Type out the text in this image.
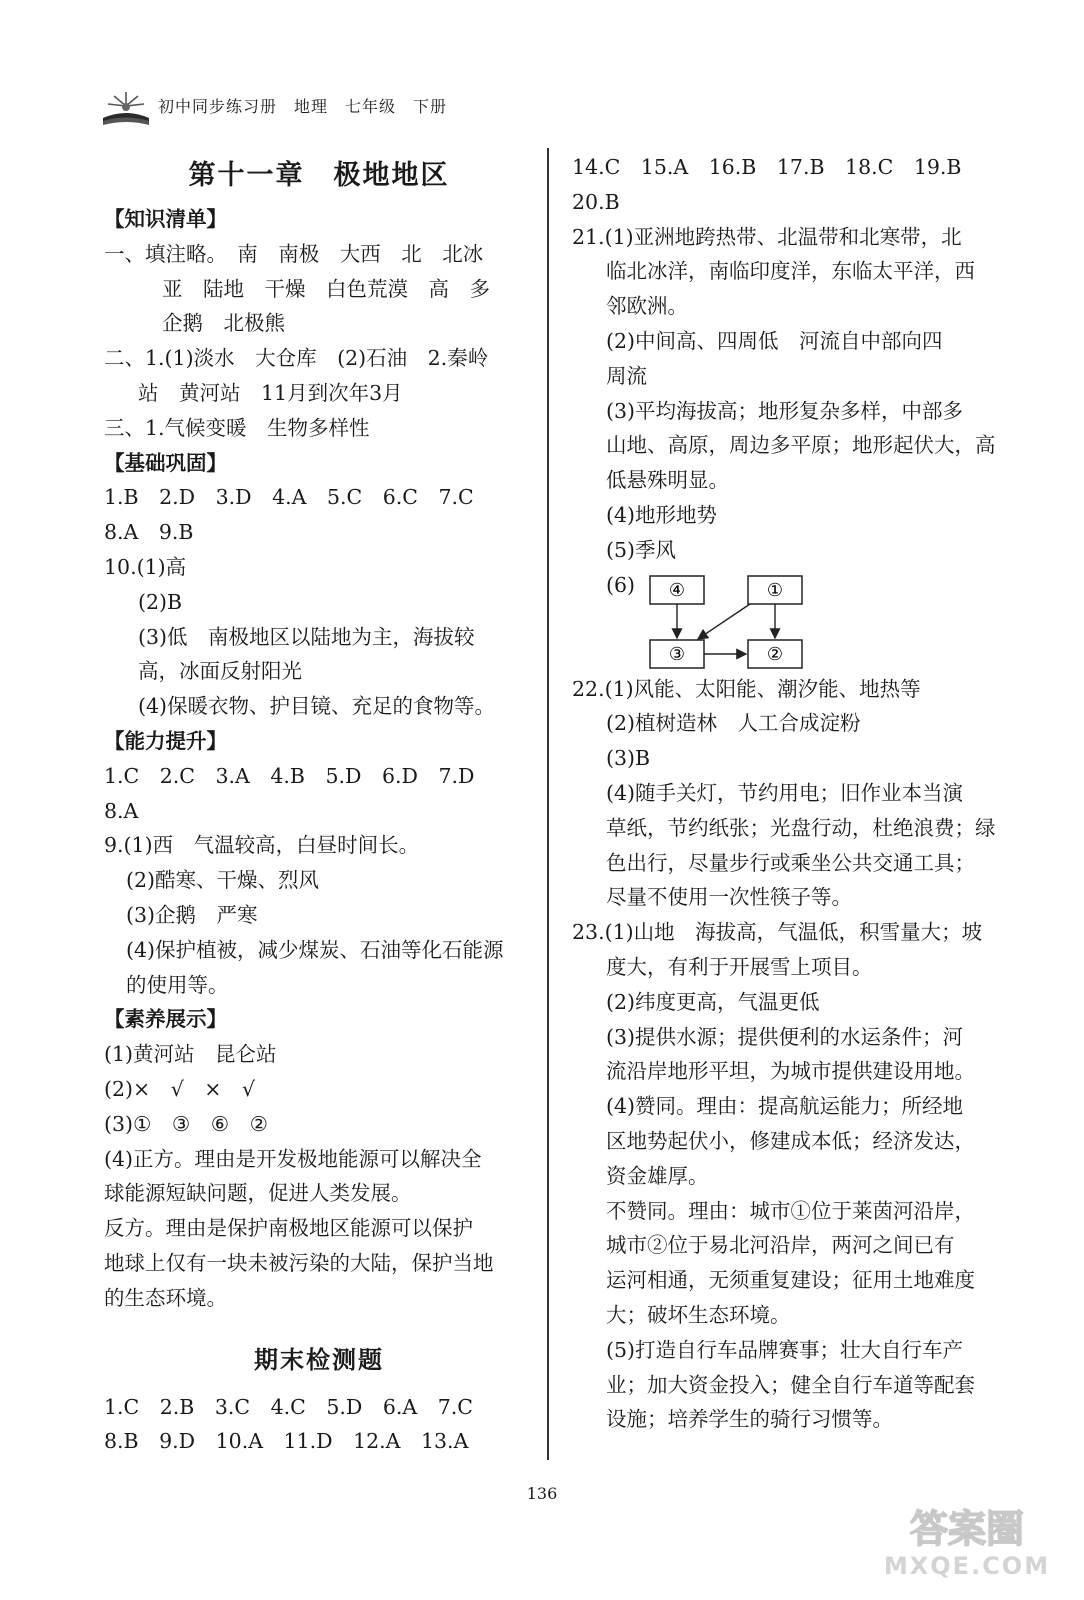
初中同步练习册　地理　七年级　下册
第十一章　极地地区
【知识清单】
一、填注略。　南　南极　大西　北　北冰
亚　陆地　干燥　白色荒漠　高　多
企鹅　北极熊
二、1.(1)淡水　大仓库　(2)石油　2.秦岭
站　黄河站　11月到次年3月
三、1.气候变暖　生物多样性
【基础巩固】
1.B　2.D　3.D　4.A　5.C　6.C　7.C
8.A　9.B
10.(1)高
(2)B
(3)低　南极地区以陆地为主，海拔较
高，冰面反射阳光
(4)保暖衣物、护目镜、充足的食物等。
【能力提升】
1.C　2.C　3.A　4.B　5.D　6.D　7.D
8.A
9.(1)西　气温较高，白昼时间长。
(2)酷寒、干燥、烈风
(3)企鹅　严寒
(4)保护植被，减少煤炭、石油等化石能源
的使用等。
【素养展示】
(1)黄河站　昆仑站
(2)×　√　×　√
(3)①　③　⑥　②
(4)正方。理由是开发极地能源可以解决全
球能源短缺问题，促进人类发展。
反方。理由是保护南极地区能源可以保护
地球上仅有一块未被污染的大陆，保护当地
的生态环境。
期末检测题
1.C　2.B　3.C　4.C　5.D　6.A　7.C
8.B　9.D　10.A　11.D　12.A　13.A
14.C　15.A　16.B　17.B　18.C　19.B
20.B
21.(1)亚洲地跨热带、北温带和北寒带，北
临北冰洋，南临印度洋，东临太平洋，西
邻欧洲。
(2)中间高、四周低　河流自中部向四
周流
(3)平均海拔高；地形复杂多样，中部多
山地、高原，周边多平原；地形起伏大，高
低悬殊明显。
(4)地形地势
(5)季风
(6) ④	①
③	②
22.(1)风能、太阳能、潮汐能、地热等
(2)植树造林　人工合成淀粉
(3)B
(4)随手关灯，节约用电；旧作业本当演
草纸，节约纸张；光盘行动，杜绝浪费；绿
色出行，尽量步行或乘坐公共交通工具；
尽量不使用一次性筷子等。
23.(1)山地　海拔高，气温低，积雪量大；坡
度大，有利于开展雪上项目。
(2)纬度更高，气温更低
(3)提供水源；提供便利的水运条件；河
流沿岸地形平坦，为城市提供建设用地。
(4)赞同。理由：提高航运能力；所经地
区地势起伏小，修建成本低；经济发达，
资金雄厚。
不赞同。理由：城市①位于莱茵河沿岸，
城市②位于易北河沿岸，两河之间已有
运河相通，无须重复建设；征用土地难度
大；破坏生态环境。
(5)打造自行车品牌赛事；壮大自行车产
业；加大资金投入；健全自行车道等配套
设施；培养学生的骑行习惯等。
136
答案圈
MXQE.COM
